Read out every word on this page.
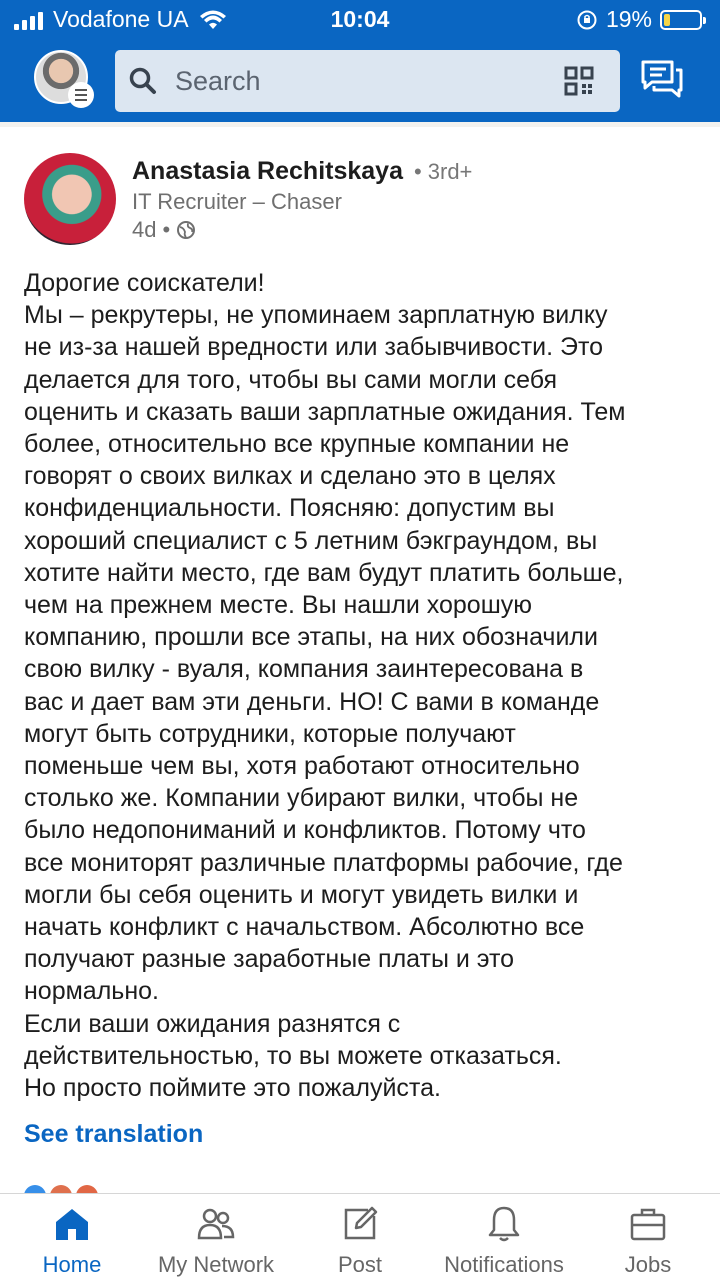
Vodafone UA	10:04	19%
Search
Anastasia Rechitskaya • 3rd+
IT Recruiter – Chaser
4d •
Дорогие соискатели!
Мы – рекрутеры, не упоминаем зарплатную вилку
не из-за нашей вредности или забывчивости. Это
делается для того, чтобы вы сами могли себя
оценить и сказать ваши зарплатные ожидания. Тем
более, относительно все крупные компании не
говорят о своих вилках и сделано это в целях
конфиденциальности. Поясняю: допустим вы
хороший специалист с 5 летним бэкграундом, вы
хотите найти место, где вам будут платить больше,
чем на прежнем месте. Вы нашли хорошую
компанию, прошли все этапы, на них обозначили
свою вилку - вуаля, компания заинтересована в
вас и дает вам эти деньги. НО! С вами в команде
могут быть сотрудники, которые получают
поменьше чем вы, хотя работают относительно
столько же. Компании убирают вилки, чтобы не
было недопониманий и конфликтов. Потому что
все мониторят различные платформы рабочие, где
могли бы себя оценить и могут увидеть вилки и
начать конфликт с начальством. Абсолютно все
получают разные заработные платы и это
нормально.
Если ваши ожидания разнятся с
действительностью, то вы можете отказаться.
Но просто поймите это пожалуйста.
See translation
Home	My Network	Post	Notifications	Jobs
